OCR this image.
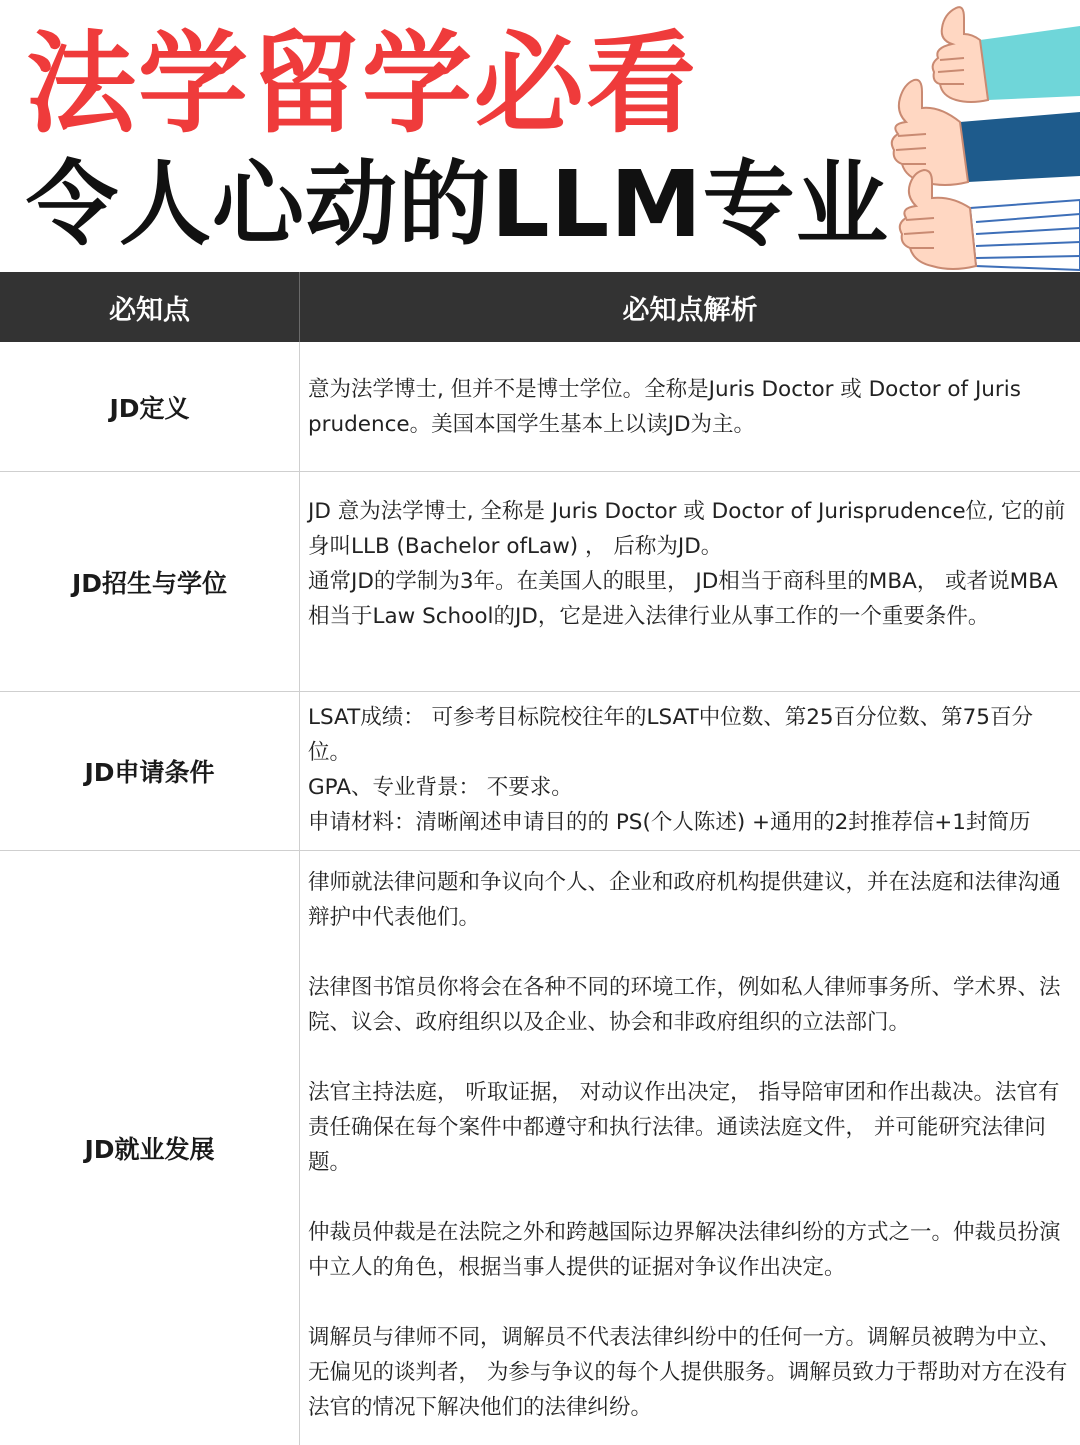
法学留学必看
令人心动的LLM专业
必知点	必知点解析
JD定义

意为法学博士, 但并不是博士学位。全称是Juris Doctor 或 Doctor of Juris prudence。美国本国学生基本上以读JD为主。

JD招生与学位

JD 意为法学博士, 全称是 Juris Doctor 或 Doctor of Jurisprudence位, 它的前身叫LLB (Bachelor ofLaw) ， 后称为JD。

通常JD的学制为3年。在美国人的眼里， JD相当于商科里的MBA， 或者说MBA相当于Law School的JD，它是进入法律行业从事工作的一个重要条件。

JD申请条件

LSAT成绩： 可参考目标院校往年的LSAT中位数、第25百分位数、第75百分位。

GPA、专业背景： 不要求。

申请材料：清晰阐述申请目的的 PS(个人陈述) +通用的2封推荐信+1封简历

JD就业发展

律师就法律问题和争议向个人、企业和政府机构提供建议，并在法庭和法律沟通辩护中代表他们。

法律图书馆员你将会在各种不同的环境工作，例如私人律师事务所、学术界、法院、议会、政府组织以及企业、协会和非政府组织的立法部门。

法官主持法庭， 听取证据， 对动议作出决定， 指导陪审团和作出裁决。法官有责任确保在每个案件中都遵守和执行法律。通读法庭文件， 并可能研究法律问题。

仲裁员仲裁是在法院之外和跨越国际边界解决法律纠纷的方式之一。仲裁员扮演中立人的角色，根据当事人提供的证据对争议作出决定。

调解员与律师不同，调解员不代表法律纠纷中的任何一方。调解员被聘为中立、无偏见的谈判者， 为参与争议的每个人提供服务。调解员致力于帮助对方在没有法官的情况下解决他们的法律纠纷。
